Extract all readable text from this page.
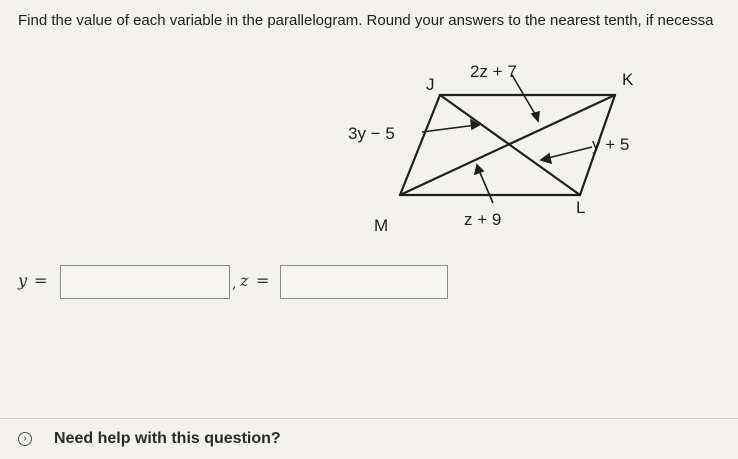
Find the value of each variable in the parallelogram. Round your answers to the nearest tenth, if necessa
J	K
L
M
2z + 7
3y − 5
y + 5
z + 9
y =	, z =
›	Need help with this question?
